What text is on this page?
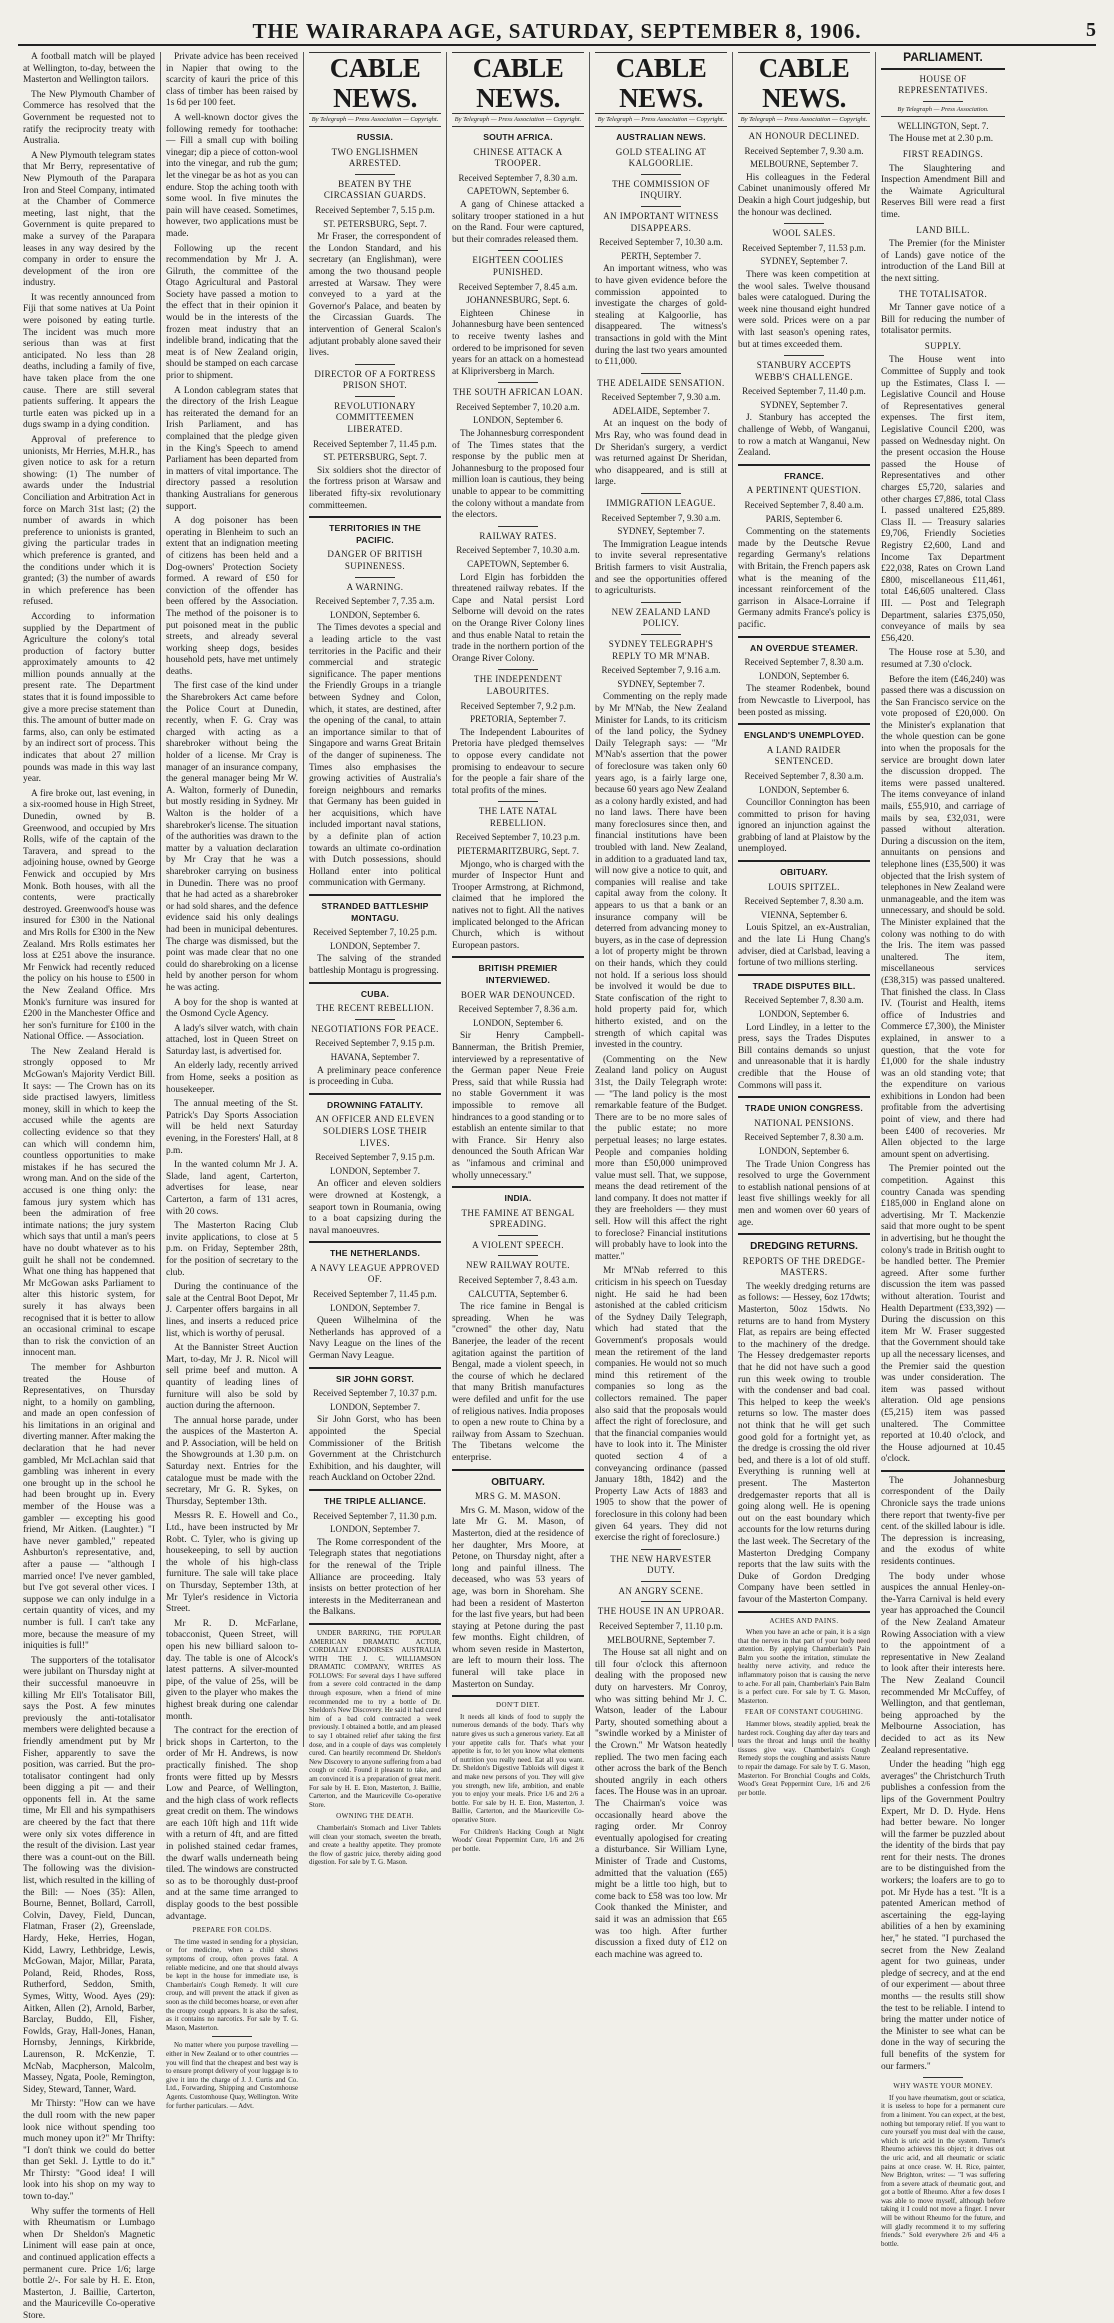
THE WAIRARAPA AGE, SATURDAY, SEPTEMBER 8, 1906.	5

A football match will be played at Wellington, to-day, between the Masterton and Wellington tailors.

The New Plymouth Chamber of Commerce has resolved that the Government be requested not to ratify the reciprocity treaty with Australia.

A New Plymouth telegram states that Mr Berry, representative of New Plymouth of the Parapara Iron and Steel Company, intimated at the Chamber of Commerce meeting, last night, that the Government is quite prepared to make a survey of the Parapara leases in any way desired by the company in order to ensure the development of the iron ore industry.

It was recently announced from Fiji that some natives at Ua Point were poisoned by eating turtle. The incident was much more serious than was at first anticipated. No less than 28 deaths, including a family of five, have taken place from the one cause. There are still several patients suffering. It appears the turtle eaten was picked up in a dugs swamp in a dying condition.

Approval of preference to unionists, Mr Herries, M.H.R., has given notice to ask for a return showing: (1) The number of awards under the Industrial Conciliation and Arbitration Act in force on March 31st last; (2) the number of awards in which preference to unionists is granted, giving the particular trades in which preference is granted, and the conditions under which it is granted; (3) the number of awards in which preference has been refused.

According to information supplied by the Department of Agriculture the colony's total production of factory butter approximately amounts to 42 million pounds annually at the present rate. The Department states that it is found impossible to give a more precise statement than this. The amount of butter made on farms, also, can only be estimated by an indirect sort of process. This indicates that about 27 million pounds was made in this way last year.

A fire broke out, last evening, in a six-roomed house in High Street, Dunedin, owned by B. Greenwood, and occupied by Mrs Rolls, wife of the captain of the Taravera, and spread to the adjoining house, owned by George Fenwick and occupied by Mrs Monk. Both houses, with all the contents, were practically destroyed. Greenwood's house was insured for £300 in the National and Mrs Rolls for £300 in the New Zealand. Mrs Rolls estimates her loss at £251 above the insurance. Mr Fenwick had recently reduced the policy on his house to £500 in the New Zealand Office. Mrs Monk's furniture was insured for £200 in the Manchester Office and her son's furniture for £100 in the National Office. — Association.

The New Zealand Herald is strongly opposed to Mr McGowan's Majority Verdict Bill. It says: — The Crown has on its side practised lawyers, limitless money, skill in which to keep the accused while the agents are collecting evidence so that they can which will condemn him, countless opportunities to make mistakes if he has secured the wrong man. And on the side of the accused is one thing only: the famous jury system which has been the admiration of free intimate nations; the jury system which says that until a man's peers have no doubt whatever as to his guilt he shall not be condemned. What one thing has happened that Mr McGowan asks Parliament to alter this historic system, for surely it has always been recognised that it is better to allow an occasional criminal to escape than to risk the conviction of an innocent man.

The member for Ashburton treated the House of Representatives, on Thursday night, to a homily on gambling, and made an open confession of his limitations in an original and diverting manner. After making the declaration that he had never gambled, Mr McLachlan said that gambling was inherent in every one brought up in the school he had been brought up in. Every member of the House was a gambler — excepting his good friend, Mr Aitken. (Laughter.) "I have never gambled," repeated Ashburton's representative, and, after a pause — "although I married once! I've never gambled, but I've got several other vices. I suppose we can only indulge in a certain quantity of vices, and my number is full. I can't take any more, because the measure of my iniquities is full!"

The supporters of the totalisator were jubilant on Thursday night at their successful manoeuvre in killing Mr Ell's Totalisator Bill, says the Post. A few minutes previously the anti-totalisator members were delighted because a friendly amendment put by Mr Fisher, apparently to save the position, was carried. But the pro-totalisator contingent had only been digging a pit — and their opponents fell in. At the same time, Mr Ell and his sympathisers are cheered by the fact that there were only six votes difference in the result of the division. Last year there was a count-out on the Bill. The following was the division-list, which resulted in the killing of the Bill: — Noes (35): Allen, Bourne, Bennet, Bollard, Carroll, Colvin, Davey, Field, Duncan, Flatman, Fraser (2), Greenslade, Hardy, Heke, Herries, Hogan, Kidd, Lawry, Lethbridge, Lewis, McGowan, Major, Millar, Parata, Poland, Reid, Rhodes, Ross, Rutherford, Seddon, Smith, Symes, Witty, Wood. Ayes (29): Aitken, Allen (2), Arnold, Barber, Barclay, Buddo, Ell, Fisher, Fowlds, Gray, Hall-Jones, Hanan, Hornsby, Jennings, Kirkbride, Laurenson, R. McKenzie, T. McNab, Macpherson, Malcolm, Massey, Ngata, Poole, Remington, Sidey, Steward, Tanner, Ward.

Mr Thirsty: "How can we have the dull room with the new paper look nice without spending too much money upon it?" Mr Thrifty: "I don't think we could do better than get Sekl. J. Lyttle to do it." Mr Thirsty: "Good idea! I will look into his shop on my way to town to-day."

Why suffer the torments of Hell with Rheumatism or Lumbago when Dr Sheldon's Magnetic Liniment will ease pain at once, and continued application effects a permanent cure. Price 1/6; large bottle 2/-. For sale by H. E. Eton, Masterton, J. Baillie, Carterton, and the Mauriceville Co-operative Store.

Private advice has been received in Napier that owing to the scarcity of kauri the price of this class of timber has been raised by 1s 6d per 100 feet.

A well-known doctor gives the following remedy for toothache: — Fill a small cup with boiling vinegar; dip a piece of cotton-wool into the vinegar, and rub the gum; let the vinegar be as hot as you can endure. Stop the aching tooth with some wool. In five minutes the pain will have ceased. Sometimes, however, two applications must be made.

Following up the recent recommendation by Mr J. A. Gilruth, the committee of the Otago Agricultural and Pastoral Society have passed a motion to the effect that in their opinion it would be in the interests of the frozen meat industry that an indelible brand, indicating that the meat is of New Zealand origin, should be stamped on each carcase prior to shipment.

A London cablegram states that the directory of the Irish League has reiterated the demand for an Irish Parliament, and has complained that the pledge given in the King's Speech to amend Parliament has been departed from in matters of vital importance. The directory passed a resolution thanking Australians for generous support.

A dog poisoner has been operating in Blenheim to such an extent that an indignation meeting of citizens has been held and a Dog-owners' Protection Society formed. A reward of £50 for conviction of the offender has been offered by the Association. The method of the poisoner is to put poisoned meat in the public streets, and already several working sheep dogs, besides household pets, have met untimely deaths.

The first case of the kind under the Sharebrokers Act came before the Police Court at Dunedin, recently, when F. G. Cray was charged with acting as a sharebroker without being the holder of a license. Mr Cray is manager of an insurance company, the general manager being Mr W. A. Walton, formerly of Dunedin, but mostly residing in Sydney. Mr Walton is the holder of a sharebroker's license. The situation of the authorities was drawn to the matter by a valuation declaration by Mr Cray that he was a sharebroker carrying on business in Dunedin. There was no proof that he had acted as a sharebroker or had sold shares, and the defence evidence said his only dealings had been in municipal debentures. The charge was dismissed, but the point was made clear that no one could do sharebroking on a license held by another person for whom he was acting.

A boy for the shop is wanted at the Osmond Cycle Agency.

A lady's silver watch, with chain attached, lost in Queen Street on Saturday last, is advertised for.

An elderly lady, recently arrived from Home, seeks a position as housekeeper.

The annual meeting of the St. Patrick's Day Sports Association will be held next Saturday evening, in the Foresters' Hall, at 8 p.m.

In the wanted column Mr J. A. Slade, land agent, Carterton, advertises for lease, near Carterton, a farm of 131 acres, with 20 cows.

The Masterton Racing Club invite applications, to close at 5 p.m. on Friday, September 28th, for the position of secretary to the club.

During the continuance of the sale at the Central Boot Depot, Mr J. Carpenter offers bargains in all lines, and inserts a reduced price list, which is worthy of perusal.

At the Bannister Street Auction Mart, to-day, Mr J. R. Nicol will sell prime beef and mutton. A quantity of leading lines of furniture will also be sold by auction during the afternoon.

The annual horse parade, under the auspices of the Masterton A. and P. Association, will be held on the Showgrounds at 1.30 p.m. on Saturday next. Entries for the catalogue must be made with the secretary, Mr G. R. Sykes, on Thursday, September 13th.

Messrs R. E. Howell and Co., Ltd., have been instructed by Mr Robt. C. Tyler, who is giving up housekeeping, to sell by auction the whole of his high-class furniture. The sale will take place on Thursday, September 13th, at Mr Tyler's residence in Victoria Street.

Mr R. D. McFarlane, tobacconist, Queen Street, will open his new billiard saloon to-day. The table is one of Alcock's latest patterns. A silver-mounted pipe, of the value of 25s, will be given to the player who makes the highest break during one calendar month.

The contract for the erection of brick shops in Carterton, to the order of Mr H. Andrews, is now practically finished. The shop fronts were fitted up by Messrs Low and Pearce, of Wellington, and the high class of work reflects great credit on them. The windows are each 10ft high and 11ft wide with a return of 4ft, and are fitted in polished stained cedar frames, the dwarf walls underneath being tiled. The windows are constructed so as to be thoroughly dust-proof and at the same time arranged to display goods to the best possible advantage.

PREPARE FOR COLDS.

The time wasted in sending for a physician, or for medicine, when a child shows symptoms of croup, often proves fatal. A reliable medicine, and one that should always be kept in the house for immediate use, is Chamberlain's Cough Remedy. It will cure croup, and will prevent the attack if given as soon as the child becomes hoarse, or even after the croupy cough appears. It is also the safest, as it contains no narcotics. For sale by T. G. Mason, Masterton.

No matter where you purpose travelling — either in New Zealand or to other countries — you will find that the cheapest and best way is to ensure prompt delivery of your luggage is to give it into the charge of J. J. Curtis and Co. Ltd., Forwarding, Shipping and Customhouse Agents. Customhouse Quay, Wellington. Write for further particulars. — Advt.

CABLE NEWS.
By Telegraph — Press Association — Copyright.
RUSSIA.
TWO ENGLISHMEN ARRESTED.
BEATEN BY THE CIRCASSIAN GUARDS.
Received September 7, 5.15 p.m.
ST. PETERSBURG, Sept. 7.

Mr Fraser, the correspondent of the London Standard, and his secretary (an Englishman), were among the two thousand people arrested at Warsaw. They were conveyed to a yard at the Governor's Palace, and beaten by the Circassian Guards. The intervention of General Scalon's adjutant probably alone saved their lives.

DIRECTOR OF A FORTRESS PRISON SHOT.
REVOLUTIONARY COMMITTEEMEN LIBERATED.
Received September 7, 11.45 p.m.
ST. PETERSBURG, Sept. 7.

Six soldiers shot the director of the fortress prison at Warsaw and liberated fifty-six revolutionary committeemen.

TERRITORIES IN THE PACIFIC.
DANGER OF BRITISH SUPINENESS.
A WARNING.
Received September 7, 7.35 a.m.
LONDON, September 6.

The Times devotes a special and a leading article to the vast territories in the Pacific and their commercial and strategic significance. The paper mentions the Friendly Groups in a triangle between Sydney and Colon, which, it states, are destined, after the opening of the canal, to attain an importance similar to that of Singapore and warns Great Britain of the danger of supineness. The Times also emphasises the growing activities of Australia's foreign neighbours and remarks that Germany has been guided in her acquisitions, which have included important naval stations, by a definite plan of action towards an ultimate co-ordination with Dutch possessions, should Holland enter into political communication with Germany.

STRANDED BATTLESHIP MONTAGU.
Received September 7, 10.25 p.m.
LONDON, September 7.

The salving of the stranded battleship Montagu is progressing.

CUBA.
THE RECENT REBELLION.
NEGOTIATIONS FOR PEACE.
Received September 7, 9.15 p.m.
HAVANA, September 7.

A preliminary peace conference is proceeding in Cuba.

DROWNING FATALITY.
AN OFFICER AND ELEVEN SOLDIERS LOSE THEIR LIVES.
Received September 7, 9.15 p.m.
LONDON, September 7.

An officer and eleven soldiers were drowned at Kostengk, a seaport town in Roumania, owing to a boat capsizing during the naval manoeuvres.

THE NETHERLANDS.
A NAVY LEAGUE APPROVED OF.
Received September 7, 11.45 p.m.
LONDON, September 7.

Queen Wilhelmina of the Netherlands has approved of a Navy League on the lines of the German Navy League.

SIR JOHN GORST.
Received September 7, 10.37 p.m.
LONDON, September 7.

Sir John Gorst, who has been appointed the Special Commissioner of the British Government at the Christchurch Exhibition, and his daughter, will reach Auckland on October 22nd.

THE TRIPLE ALLIANCE.
Received September 7, 11.30 p.m.
LONDON, September 7.

The Rome correspondent of the Telegraph states that negotiations for the renewal of the Triple Alliance are proceeding. Italy insists on better protection of her interests in the Mediterranean and the Balkans.

UNDER BARRING, THE POPULAR AMERICAN DRAMATIC ACTOR, CORDIALLY ENDORSES AUSTRALIA WITH THE J. C. WILLIAMSON DRAMATIC COMPANY, WRITES AS FOLLOWS: For several days I have suffered from a severe cold contracted in the damp through exposure, when a friend of mine recommended me to try a bottle of Dr. Sheldon's New Discovery. He said it had cured him of a bad cold contracted a week previously. I obtained a bottle, and am pleased to say I obtained relief after taking the first dose, and in a couple of days was completely cured. Can heartily recommend Dr. Sheldon's New Discovery to anyone suffering from a bad cough or cold. Found it pleasant to take, and am convinced it is a preparation of great merit. For sale by H. E. Eton, Masterton, J. Baillie, Carterton, and the Mauriceville Co-operative Store.

OWNING THE DEATH.

Chamberlain's Stomach and Liver Tablets will clean your stomach, sweeten the breath, and create a healthy appetite. They promote the flow of gastric juice, thereby aiding good digestion. For sale by T. G. Mason.

CABLE NEWS.
By Telegraph — Press Association — Copyright.
SOUTH AFRICA.
CHINESE ATTACK A TROOPER.
Received September 7, 8.30 a.m.
CAPETOWN, September 6.

A gang of Chinese attacked a solitary trooper stationed in a hut on the Rand. Four were captured, but their comrades released them.

EIGHTEEN COOLIES PUNISHED.
Received September 7, 8.45 a.m.
JOHANNESBURG, Sept. 6.

Eighteen Chinese in Johannesburg have been sentenced to receive twenty lashes and ordered to be imprisoned for seven years for an attack on a homestead at Klipriversberg in March.

THE SOUTH AFRICAN LOAN.
Received September 7, 10.20 a.m.
LONDON, September 6.

The Johannesburg correspondent of The Times states that the response by the public men at Johannesburg to the proposed four million loan is cautious, they being unable to appear to be committing the colony without a mandate from the electors.

RAILWAY RATES.
Received September 7, 10.30 a.m.
CAPETOWN, September 6.

Lord Elgin has forbidden the threatened railway rebates. If the Cape and Natal persist Lord Selborne will devoid on the rates on the Orange River Colony lines and thus enable Natal to retain the trade in the northern portion of the Orange River Colony.

THE INDEPENDENT LABOURITES.
Received September 7, 9.2 p.m.
PRETORIA, September 7.

The Independent Labourites of Pretoria have pledged themselves to oppose every candidate not promising to endeavour to secure for the people a fair share of the total profits of the mines.

THE LATE NATAL REBELLION.
Received September 7, 10.23 p.m.
PIETERMARITZBURG, Sept. 7.

Mjongo, who is charged with the murder of Inspector Hunt and Trooper Armstrong, at Richmond, claimed that he implored the natives not to fight. All the natives implicated belonged to the African Church, which is without European pastors.

BRITISH PREMIER INTERVIEWED.
BOER WAR DENOUNCED.
Received September 7, 8.36 a.m.
LONDON, September 6.

Sir Henry Campbell-Bannerman, the British Premier, interviewed by a representative of the German paper Neue Freie Press, said that while Russia had no stable Government it was impossible to remove all hindrances to a good standing or to establish an entente similar to that with France. Sir Henry also denounced the South African War as "infamous and criminal and wholly unnecessary."

INDIA.
THE FAMINE AT BENGAL SPREADING.
A VIOLENT SPEECH.
NEW RAILWAY ROUTE.
Received September 7, 8.43 a.m.
CALCUTTA, September 6.

The rice famine in Bengal is spreading. When he was "crowned" the other day, Natu Banerjee, the leader of the recent agitation against the partition of Bengal, made a violent speech, in the course of which he declared that many British manufactures were defiled and unfit for the use of religious natives. India proposes to open a new route to China by a railway from Assam to Szechuan. The Tibetans welcome the enterprise.

OBITUARY.
MRS G. M. MASON.

Mrs G. M. Mason, widow of the late Mr G. M. Mason, of Masterton, died at the residence of her daughter, Mrs Moore, at Petone, on Thursday night, after a long and painful illness. The deceased, who was 53 years of age, was born in Shoreham. She had been a resident of Masterton for the last five years, but had been staying at Petone during the past few months. Eight children, of whom seven reside in Masterton, are left to mourn their loss. The funeral will take place in Masterton on Sunday.

DON'T DIET.

It needs all kinds of food to supply the numerous demands of the body. That's why nature gives us such a generous variety. Eat all your appetite calls for. That's what your appetite is for, to let you know what elements of nutrition you really need. Eat all you want. Dr. Sheldon's Digestive Tabloids will digest it and make new persons of you. They will give you strength, new life, ambition, and enable you to enjoy your meals. Price 1/6 and 2/6 a bottle. For sale by H. E. Eton, Masterton, J. Baillie, Carterton, and the Mauriceville Co-operative Store.

For Children's Hacking Cough at Night Woods' Great Peppermint Cure, 1/6 and 2/6 per bottle.

CABLE NEWS.
By Telegraph — Press Association — Copyright.
AUSTRALIAN NEWS.
GOLD STEALING AT KALGOORLIE.
THE COMMISSION OF INQUIRY.
AN IMPORTANT WITNESS DISAPPEARS.
Received September 7, 10.30 a.m.
PERTH, September 7.

An important witness, who was to have given evidence before the commission appointed to investigate the charges of gold-stealing at Kalgoorlie, has disappeared. The witness's transactions in gold with the Mint during the last two years amounted to £11,000.

THE ADELAIDE SENSATION.
Received September 7, 9.30 a.m.
ADELAIDE, September 7.

At an inquest on the body of Mrs Ray, who was found dead in Dr Sheridan's surgery, a verdict was returned against Dr Sheridan, who disappeared, and is still at large.

IMMIGRATION LEAGUE.
Received September 7, 9.30 a.m.
SYDNEY, September 7.

The Immigration League intends to invite several representative British farmers to visit Australia, and see the opportunities offered to agriculturists.

NEW ZEALAND LAND POLICY.
SYDNEY TELEGRAPH'S REPLY TO MR M'NAB.
Received September 7, 9.16 a.m.
SYDNEY, September 7.

Commenting on the reply made by Mr M'Nab, the New Zealand Minister for Lands, to its criticism of the land policy, the Sydney Daily Telegraph says: — "Mr M'Nab's assertion that the power of foreclosure was taken only 60 years ago, is a fairly large one, because 60 years ago New Zealand as a colony hardly existed, and had no land laws. There have been many foreclosures since then, and financial institutions have been troubled with land. New Zealand, in addition to a graduated land tax, will now give a notice to quit, and companies will realise and take capital away from the colony. It appears to us that a bank or an insurance company will be deterred from advancing money to buyers, as in the case of depression a lot of property might be thrown on their hands, which they could not hold. If a serious loss should be involved it would be due to State confiscation of the right to hold property paid for, which hitherto existed, and on the strength of which capital was invested in the country.

(Commenting on the New Zealand land policy on August 31st, the Daily Telegraph wrote: — "The land policy is the most remarkable feature of the Budget. There are to be no more sales of the public estate; no more perpetual leases; no large estates. People and companies holding more than £50,000 unimproved value must sell. That, we suppose, means the dead retirement of the land company. It does not matter if they are freeholders — they must sell. How will this affect the right to foreclose? Financial institutions will probably have to look into the matter."

Mr M'Nab referred to this criticism in his speech on Tuesday night. He said he had been astonished at the cabled criticism of the Sydney Daily Telegraph, which had stated that the Government's proposals would mean the retirement of the land companies. He would not so much mind this retirement of the companies so long as the collectors remained. The paper also said that the proposals would affect the right of foreclosure, and that the financial companies would have to look into it. The Minister quoted section 4 of a conveyancing ordinance (passed January 18th, 1842) and the Property Law Acts of 1883 and 1905 to show that the power of foreclosure in this colony had been given 64 years. They did not exercise the right of foreclosure.)

THE NEW HARVESTER DUTY.
AN ANGRY SCENE.
THE HOUSE IN AN UPROAR.
Received September 7, 11.10 p.m.
MELBOURNE, September 7.

The House sat all night and on till four o'clock this afternoon dealing with the proposed new duty on harvesters. Mr Conroy, who was sitting behind Mr J. C. Watson, leader of the Labour Party, shouted something about a "swindle worked by a Minister of the Crown." Mr Watson heatedly replied. The two men facing each other across the bark of the Bench shouted angrily in each others faces. The House was in an uproar. The Chairman's voice was occasionally heard above the raging order. Mr Conroy eventually apologised for creating a disturbance. Sir William Lyne, Minister of Trade and Customs, admitted that the valuation (£65) might be a little too high, but to come back to £58 was too low. Mr Cook thanked the Minister, and said it was an admission that £65 was too high. After further discussion a fixed duty of £12 on each machine was agreed to.

CABLE NEWS.
By Telegraph — Press Association — Copyright.
AN HONOUR DECLINED.
Received September 7, 9.30 a.m.
MELBOURNE, September 7.

His colleagues in the Federal Cabinet unanimously offered Mr Deakin a high Court judgeship, but the honour was declined.

WOOL SALES.
Received September 7, 11.53 p.m.
SYDNEY, September 7.

There was keen competition at the wool sales. Twelve thousand bales were catalogued. During the week nine thousand eight hundred were sold. Prices were on a par with last season's opening rates, but at times exceeded them.

STANBURY ACCEPTS WEBB'S CHALLENGE.
Received September 7, 11.40 p.m.
SYDNEY, September 7.

J. Stanbury has accepted the challenge of Webb, of Wanganui, to row a match at Wanganui, New Zealand.

FRANCE.
A PERTINENT QUESTION.
Received September 7, 8.40 a.m.
PARIS, September 6.

Commenting on the statements made by the Deutsche Revue regarding Germany's relations with Britain, the French papers ask what is the meaning of the incessant reinforcement of the garrison in Alsace-Lorraine if Germany admits France's policy is pacific.

AN OVERDUE STEAMER.
Received September 7, 8.30 a.m.
LONDON, September 6.

The steamer Rodenbek, bound from Newcastle to Liverpool, has been posted as missing.

ENGLAND'S UNEMPLOYED.
A LAND RAIDER SENTENCED.
Received September 7, 8.30 a.m.
LONDON, September 6.

Councillor Connington has been committed to prison for having ignored an injunction against the grabbing of land at Plaistow by the unemployed.

OBITUARY.
LOUIS SPITZEL.
Received September 7, 8.30 a.m.
VIENNA, September 6.

Louis Spitzel, an ex-Australian, and the late Li Hung Chang's adviser, died at Carlsbad, leaving a fortune of two millions sterling.

TRADE DISPUTES BILL.
Received September 7, 8.30 a.m.
LONDON, September 6.

Lord Lindley, in a letter to the press, says the Trades Disputes Bill contains demands so unjust and unreasonable that it is hardly credible that the House of Commons will pass it.

TRADE UNION CONGRESS.
NATIONAL PENSIONS.
Received September 7, 8.30 a.m.
LONDON, September 6.

The Trade Union Congress has resolved to urge the Government to establish national pensions of at least five shillings weekly for all men and women over 60 years of age.

DREDGING RETURNS.
REPORTS OF THE DREDGE-MASTERS.

The weekly dredging returns are as follows: — Hessey, 6oz 17dwts; Masterton, 50oz 15dwts. No returns are to hand from Mystery Flat, as repairs are being effected to the machinery of the dredge. The Hessey dredgemaster reports that he did not have such a good run this week owing to trouble with the condenser and bad coal. This helped to keep the week's returns so low. The master does not think that he will get such good gold for a fortnight yet, as the dredge is crossing the old river bed, and there is a lot of old stuff. Everything is running well at present. The Masterton dredgemaster reports that all is going along well. He is opening out on the east boundary which accounts for the low returns during the last week. The Secretary of the Masterton Dredging Company reports that the law suits with the Duke of Gordon Dredging Company have been settled in favour of the Masterton Company.

ACHES AND PAINS.

When you have an ache or pain, it is a sign that the nerves in that part of your body need attention. By applying Chamberlain's Pain Balm you soothe the irritation, stimulate the healthy nerve activity, and reduce the inflammatory poison that is causing the nerve to ache. For all pain, Chamberlain's Pain Balm is a perfect cure. For sale by T. G. Mason, Masterton.

FEAR OF CONSTANT COUGHING.

Hammer blows, steadily applied, break the hardest rock. Coughing day after day tears and tears the throat and lungs until the healthy tissues give way. Chamberlain's Cough Remedy stops the coughing and assists Nature to repair the damage. For sale by T. G. Mason, Masterton. For Bronchial Coughs and Colds, Wood's Great Peppermint Cure, 1/6 and 2/6 per bottle.

PARLIAMENT.
HOUSE OF REPRESENTATIVES.
By Telegraph — Press Association.
WELLINGTON, Sept. 7.

The House met at 2.30 p.m.

FIRST READINGS.

The Slaughtering and Inspection Amendment Bill and the Waimate Agricultural Reserves Bill were read a first time.

LAND BILL.

The Premier (for the Minister of Lands) gave notice of the introduction of the Land Bill at the next sitting.

THE TOTALISATOR.

Mr Tanner gave notice of a Bill for reducing the number of totalisator permits.

SUPPLY.

The House went into Committee of Supply and took up the Estimates, Class I. — Legislative Council and House of Representatives general expenses. The first item, Legislative Council £200, was passed on Wednesday night. On the present occasion the House passed the House of Representatives and other charges £5,720, salaries and other charges £7,886, total Class I. passed unaltered £25,889. Class II. — Treasury salaries £9,706, Friendly Societies Registry £2,600, Land and Income Tax Department £22,038, Rates on Crown Land £800, miscellaneous £11,461, total £46,605 unaltered. Class III. — Post and Telegraph Department, salaries £375,050, conveyance of mails by sea £56,420.

The House rose at 5.30, and resumed at 7.30 o'clock.

Before the item (£46,240) was passed there was a discussion on the San Francisco service on the vote proposed of £20,000. On the Minister's explanation that the whole question can be gone into when the proposals for the service are brought down later the discussion dropped. The items were passed unaltered. The items conveyance of inland mails, £55,910, and carriage of mails by sea, £32,031, were passed without alteration. During a discussion on the item, annuitants on pensions and telephone lines (£35,500) it was objected that the Irish system of telephones in New Zealand were unmanageable, and the item was unnecessary, and should be sold. The Minister explained that the colony was nothing to do with the Iris. The item was passed unaltered. The item, miscellaneous services (£38,315) was passed unaltered. That finished the class. In Class IV. (Tourist and Health, items office of Industries and Commerce £7,300), the Minister explained, in answer to a question, that the vote for £1,000 for the shale industry was an old standing vote; that the expenditure on various exhibitions in London had been profitable from the advertising point of view, and there had been £400 of recoveries. Mr Allen objected to the large amount spent on advertising.

The Premier pointed out the competition. Against this country Canada was spending £185,000 in England alone on advertising. Mr T. Mackenzie said that more ought to be spent in advertising, but he thought the colony's trade in British ought to be handled better. The Premier agreed. After some further discussion the item was passed without alteration. Tourist and Health Department (£33,392) — During the discussion on this item Mr W. Fraser suggested that the Government should take up all the necessary licenses, and the Premier said the question was under consideration. The item was passed without alteration. Old age pensions (£5,215) item was passed unaltered. The Committee reported at 10.40 o'clock, and the House adjourned at 10.45 o'clock.

The Johannesburg correspondent of the Daily Chronicle says the trade unions there report that twenty-five per cent. of the skilled labour is idle. The depression is increasing, and the exodus of white residents continues.

The body under whose auspices the annual Henley-on-the-Yarra Carnival is held every year has approached the Council of the New Zealand Amateur Rowing Association with a view to the appointment of a representative in New Zealand to look after their interests here. The New Zealand Council recommended Mr McCuffey, of Wellington, and that gentleman, being approached by the Melbourne Association, has decided to act as its New Zealand representative.

Under the heading "high egg averages" the Christchurch Truth publishes a confession from the lips of the Government Poultry Expert, Mr D. D. Hyde. Hens had better beware. No longer will the farmer be puzzled about the identity of the birds that pay rent for their nests. The drones are to be distinguished from the workers; the loafers are to go to pot. Mr Hyde has a test. "It is a patented American method of ascertaining the egg-laying abilities of a hen by examining her," he stated. "I purchased the secret from the New Zealand agent for two guineas, under pledge of secrecy, and at the end of our experiment — about three months — the results still show the test to be reliable. I intend to bring the matter under notice of the Minister to see what can be done in the way of securing the full benefits of the system for our farmers."

WHY WASTE YOUR MONEY.

If you have rheumatism, gout or sciatica, it is useless to hope for a permanent cure from a liniment. You can expect, at the best, nothing but temporary relief. If you want to cure yourself you must deal with the cause, which is uric acid in the system. Turner's Rheumo achieves this object; it drives out the uric acid, and all rheumatic or sciatic pains at once cease. W. H. Rice, painter, New Brighton, writes: — "I was suffering from a severe attack of rheumatic gout, and got a bottle of Rheumo. After a few doses I was able to move myself, although before taking it I could not move a finger. I never will be without Rheumo for the future, and will gladly recommend it to my suffering friends." Sold everywhere 2/6 and 4/6 a bottle.
